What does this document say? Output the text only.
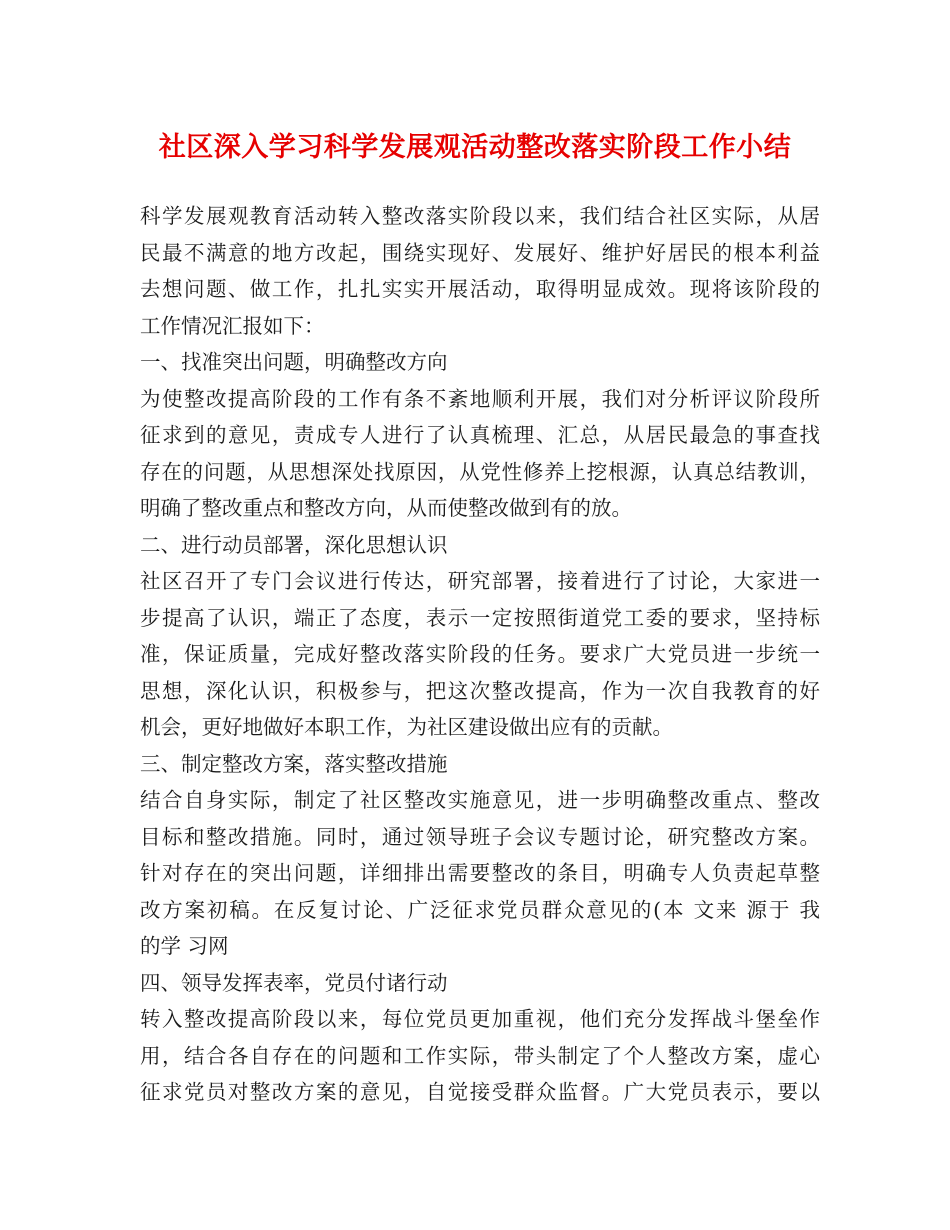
社区深入学习科学发展观活动整改落实阶段工作小结
科学发展观教育活动转入整改落实阶段以来，我们结合社区实际，从居
民最不满意的地方改起，围绕实现好、发展好、维护好居民的根本利益
去想问题、做工作，扎扎实实开展活动，取得明显成效。现将该阶段的
工作情况汇报如下：
一、找准突出问题，明确整改方向
为使整改提高阶段的工作有条不紊地顺利开展，我们对分析评议阶段所
征求到的意见，责成专人进行了认真梳理、汇总，从居民最急的事查找
存在的问题，从思想深处找原因，从党性修养上挖根源，认真总结教训，
明确了整改重点和整改方向，从而使整改做到有的放。
二、进行动员部署，深化思想认识
社区召开了专门会议进行传达，研究部署，接着进行了讨论，大家进一
步提高了认识，端正了态度，表示一定按照街道党工委的要求，坚持标
准，保证质量，完成好整改落实阶段的任务。要求广大党员进一步统一
思想，深化认识，积极参与，把这次整改提高，作为一次自我教育的好
机会，更好地做好本职工作，为社区建设做出应有的贡献。
三、制定整改方案，落实整改措施
结合自身实际，制定了社区整改实施意见，进一步明确整改重点、整改
目标和整改措施。同时，通过领导班子会议专题讨论，研究整改方案。
针对存在的突出问题，详细排出需要整改的条目，明确专人负责起草整
改方案初稿。在反复讨论、广泛征求党员群众意见的(本 文来 源于 我
的学 习网
四、领导发挥表率，党员付诸行动
转入整改提高阶段以来，每位党员更加重视，他们充分发挥战斗堡垒作
用，结合各自存在的问题和工作实际，带头制定了个人整改方案，虚心
征求党员对整改方案的意见，自觉接受群众监督。广大党员表示，要以
